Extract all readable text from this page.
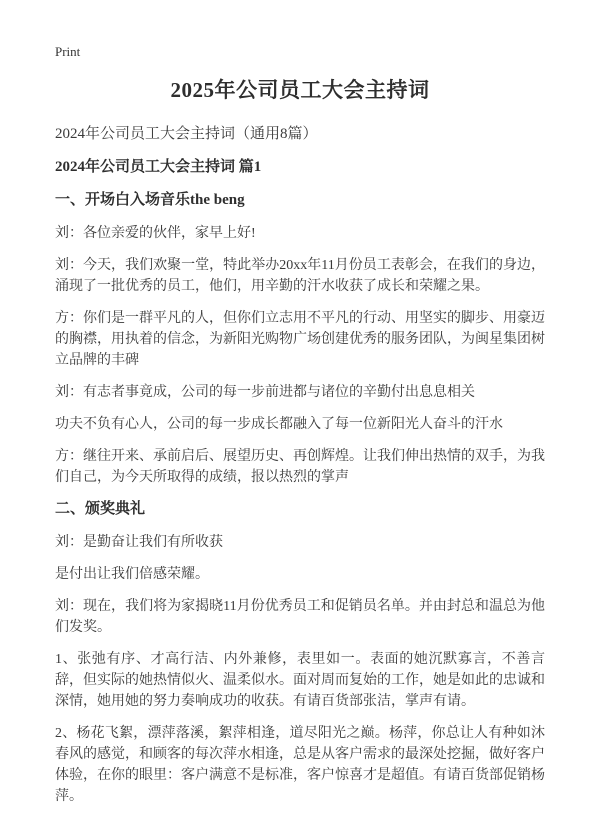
Print
2025年公司员工大会主持词

2024年公司员工大会主持词（通用8篇）

2024年公司员工大会主持词 篇1

一、开场白入场音乐the beng

刘：各位亲爱的伙伴，家早上好!

刘：今天，我们欢聚一堂，特此举办20xx年11月份员工表彰会，在我们的身边，涌现了一批优秀的员工，他们，用辛勤的汗水收获了成长和荣耀之果。

方：你们是一群平凡的人，但你们立志用不平凡的行动、用坚实的脚步、用豪迈的胸襟，用执着的信念，为新阳光购物广场创建优秀的服务团队，为闽星集团树立品牌的丰碑

刘：有志者事竟成，公司的每一步前进都与诸位的辛勤付出息息相关

功夫不负有心人，公司的每一步成长都融入了每一位新阳光人奋斗的汗水

方：继往开来、承前启后、展望历史、再创辉煌。让我们伸出热情的双手，为我们自己，为今天所取得的成绩，报以热烈的掌声

二、颁奖典礼

刘：是勤奋让我们有所收获

是付出让我们倍感荣耀。

刘：现在，我们将为家揭晓11月份优秀员工和促销员名单。并由封总和温总为他们发奖。

1、张弛有序、才高行洁、内外兼修，表里如一。表面的她沉默寡言，不善言辞，但实际的她热情似火、温柔似水。面对周而复始的工作，她是如此的忠诚和深情，她用她的努力奏响成功的收获。有请百货部张洁，掌声有请。

2、杨花飞絮，漂萍落溪，絮萍相逢，道尽阳光之巅。杨萍，你总让人有种如沐春风的感觉，和顾客的每次萍水相逢，总是从客户需求的最深处挖掘，做好客户体验，在你的眼里：客户满意不是标准，客户惊喜才是超值。有请百货部促销杨萍。
